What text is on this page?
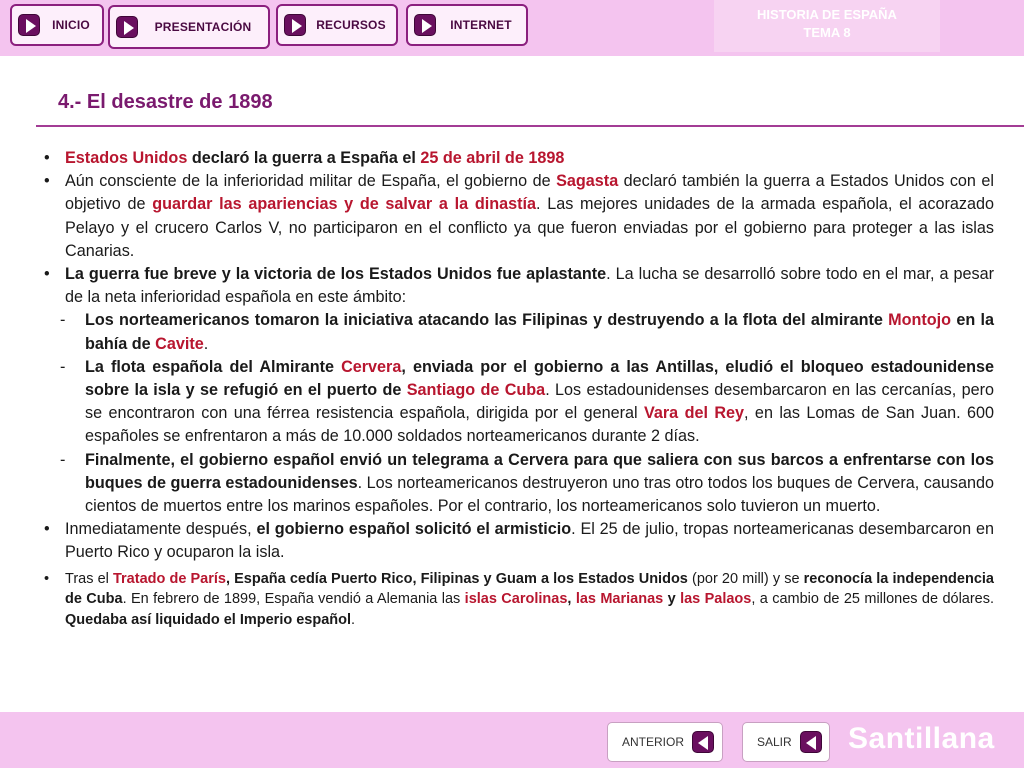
INICIO	PRESENTACIÓN	RECURSOS	INTERNET
HISTORIA DE ESPAÑA
TEMA 8
4.- El desastre de 1898
• Estados Unidos declaró la guerra a España el 25 de abril de 1898
• Aún consciente de la inferioridad militar de España, el gobierno de Sagasta declaró también la guerra a Estados Unidos con el objetivo de guardar las apariencias y de salvar a la dinastía. Las mejores unidades de la armada española, el acorazado Pelayo y el crucero Carlos V, no participaron en el conflicto ya que fueron enviadas por el gobierno para proteger a las islas Canarias.
• La guerra fue breve y la victoria de los Estados Unidos fue aplastante. La lucha se desarrolló sobre todo en el mar, a pesar de la neta inferioridad española en este ámbito:
- Los norteamericanos tomaron la iniciativa atacando las Filipinas y destruyendo a la flota del almirante Montojo en la bahía de Cavite.
- La flota española del Almirante Cervera, enviada por el gobierno a las Antillas, eludió el bloqueo estadounidense sobre la isla y se refugió en el puerto de Santiago de Cuba. Los estadounidenses desembarcaron en las cercanías, pero se encontraron con una férrea resistencia española, dirigida por el general Vara del Rey, en las Lomas de San Juan. 600 españoles se enfrentaron a más de 10.000 soldados norteamericanos durante 2 días.
- Finalmente, el gobierno español envió un telegrama a Cervera para que saliera con sus barcos a enfrentarse con los buques de guerra estadounidenses. Los norteamericanos destruyeron uno tras otro todos los buques de Cervera, causando cientos de muertos entre los marinos españoles. Por el contrario, los norteamericanos solo tuvieron un muerto.
• Inmediatamente después, el gobierno español solicitó el armisticio. El 25 de julio, tropas norteamericanas desembarcaron en Puerto Rico y ocuparon la isla.
• Tras el Tratado de París, España cedía Puerto Rico, Filipinas y Guam a los Estados Unidos (por 20 mill) y se reconocía la independencia de Cuba. En febrero de 1899, España vendió a Alemania las islas Carolinas, las Marianas y las Palaos, a cambio de 25 millones de dólares. Quedaba así liquidado el Imperio español.
ANTERIOR	SALIR Santillana
